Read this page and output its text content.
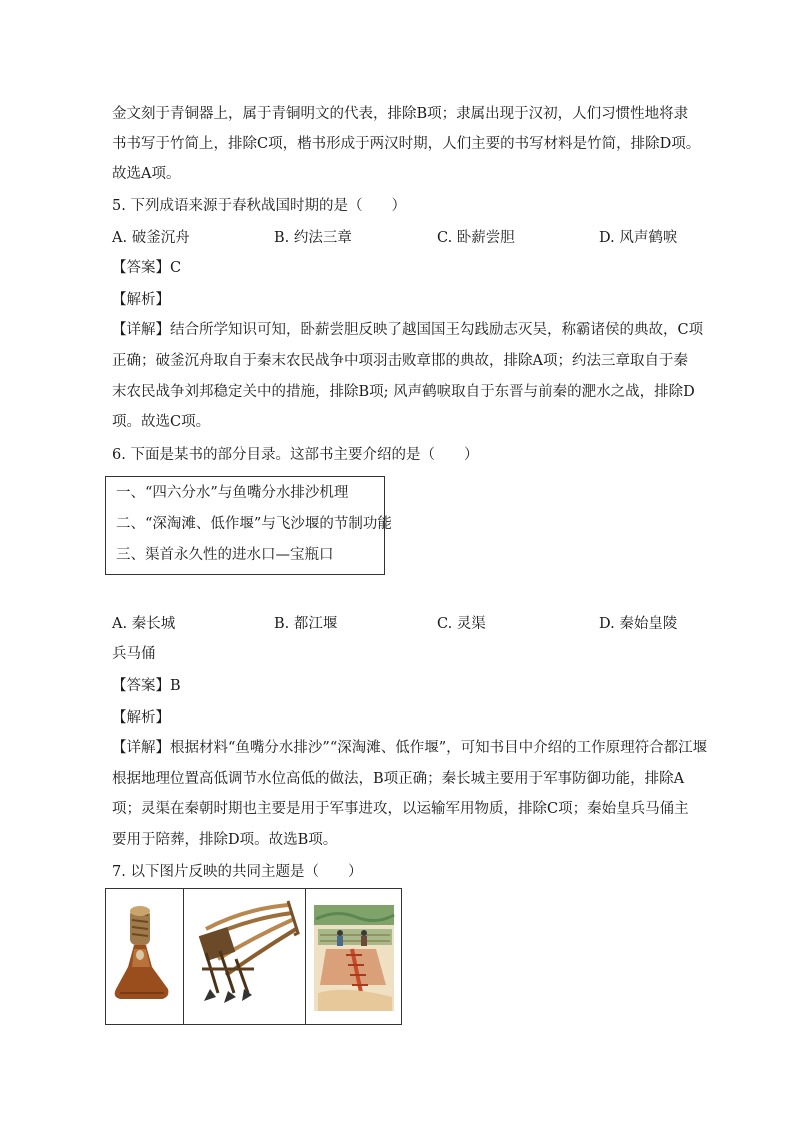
金文刻于青铜器上，属于青铜明文的代表，排除B项；隶属出现于汉初，人们习惯性地将隶
书书写于竹简上，排除C项，楷书形成于两汉时期，人们主要的书写材料是竹简，排除D项。
故选A项。
5. 下列成语来源于春秋战国时期的是（　　）
A. 破釜沉舟	B. 约法三章	C. 卧薪尝胆	D. 风声鹤唳
【答案】C
【解析】
【详解】结合所学知识可知，卧薪尝胆反映了越国国王勾践励志灭吴，称霸诸侯的典故，C项
正确；破釜沉舟取自于秦末农民战争中项羽击败章邯的典故，排除A项；约法三章取自于秦
末农民战争刘邦稳定关中的措施，排除B项; 风声鹤唳取自于东晋与前秦的淝水之战，排除D
项。故选C项。
6. 下面是某书的部分目录。这部书主要介绍的是（　　）
一、“四六分水”与鱼嘴分水排沙机理
二、“深淘滩、低作堰”与飞沙堰的节制功能
三、渠首永久性的进水口—宝瓶口
A. 秦长城	B. 都江堰	C. 灵渠	D. 秦始皇陵
兵马俑
【答案】B
【解析】
【详解】根据材料“鱼嘴分水排沙”“深淘滩、低作堰”，可知书目中介绍的工作原理符合都江堰
根据地理位置高低调节水位高低的做法，B项正确；秦长城主要用于军事防御功能，排除A
项；灵渠在秦朝时期也主要是用于军事进攻，以运输军用物质，排除C项；秦始皇兵马俑主
要用于陪葬，排除D项。故选B项。
7. 以下图片反映的共同主题是（　　）
